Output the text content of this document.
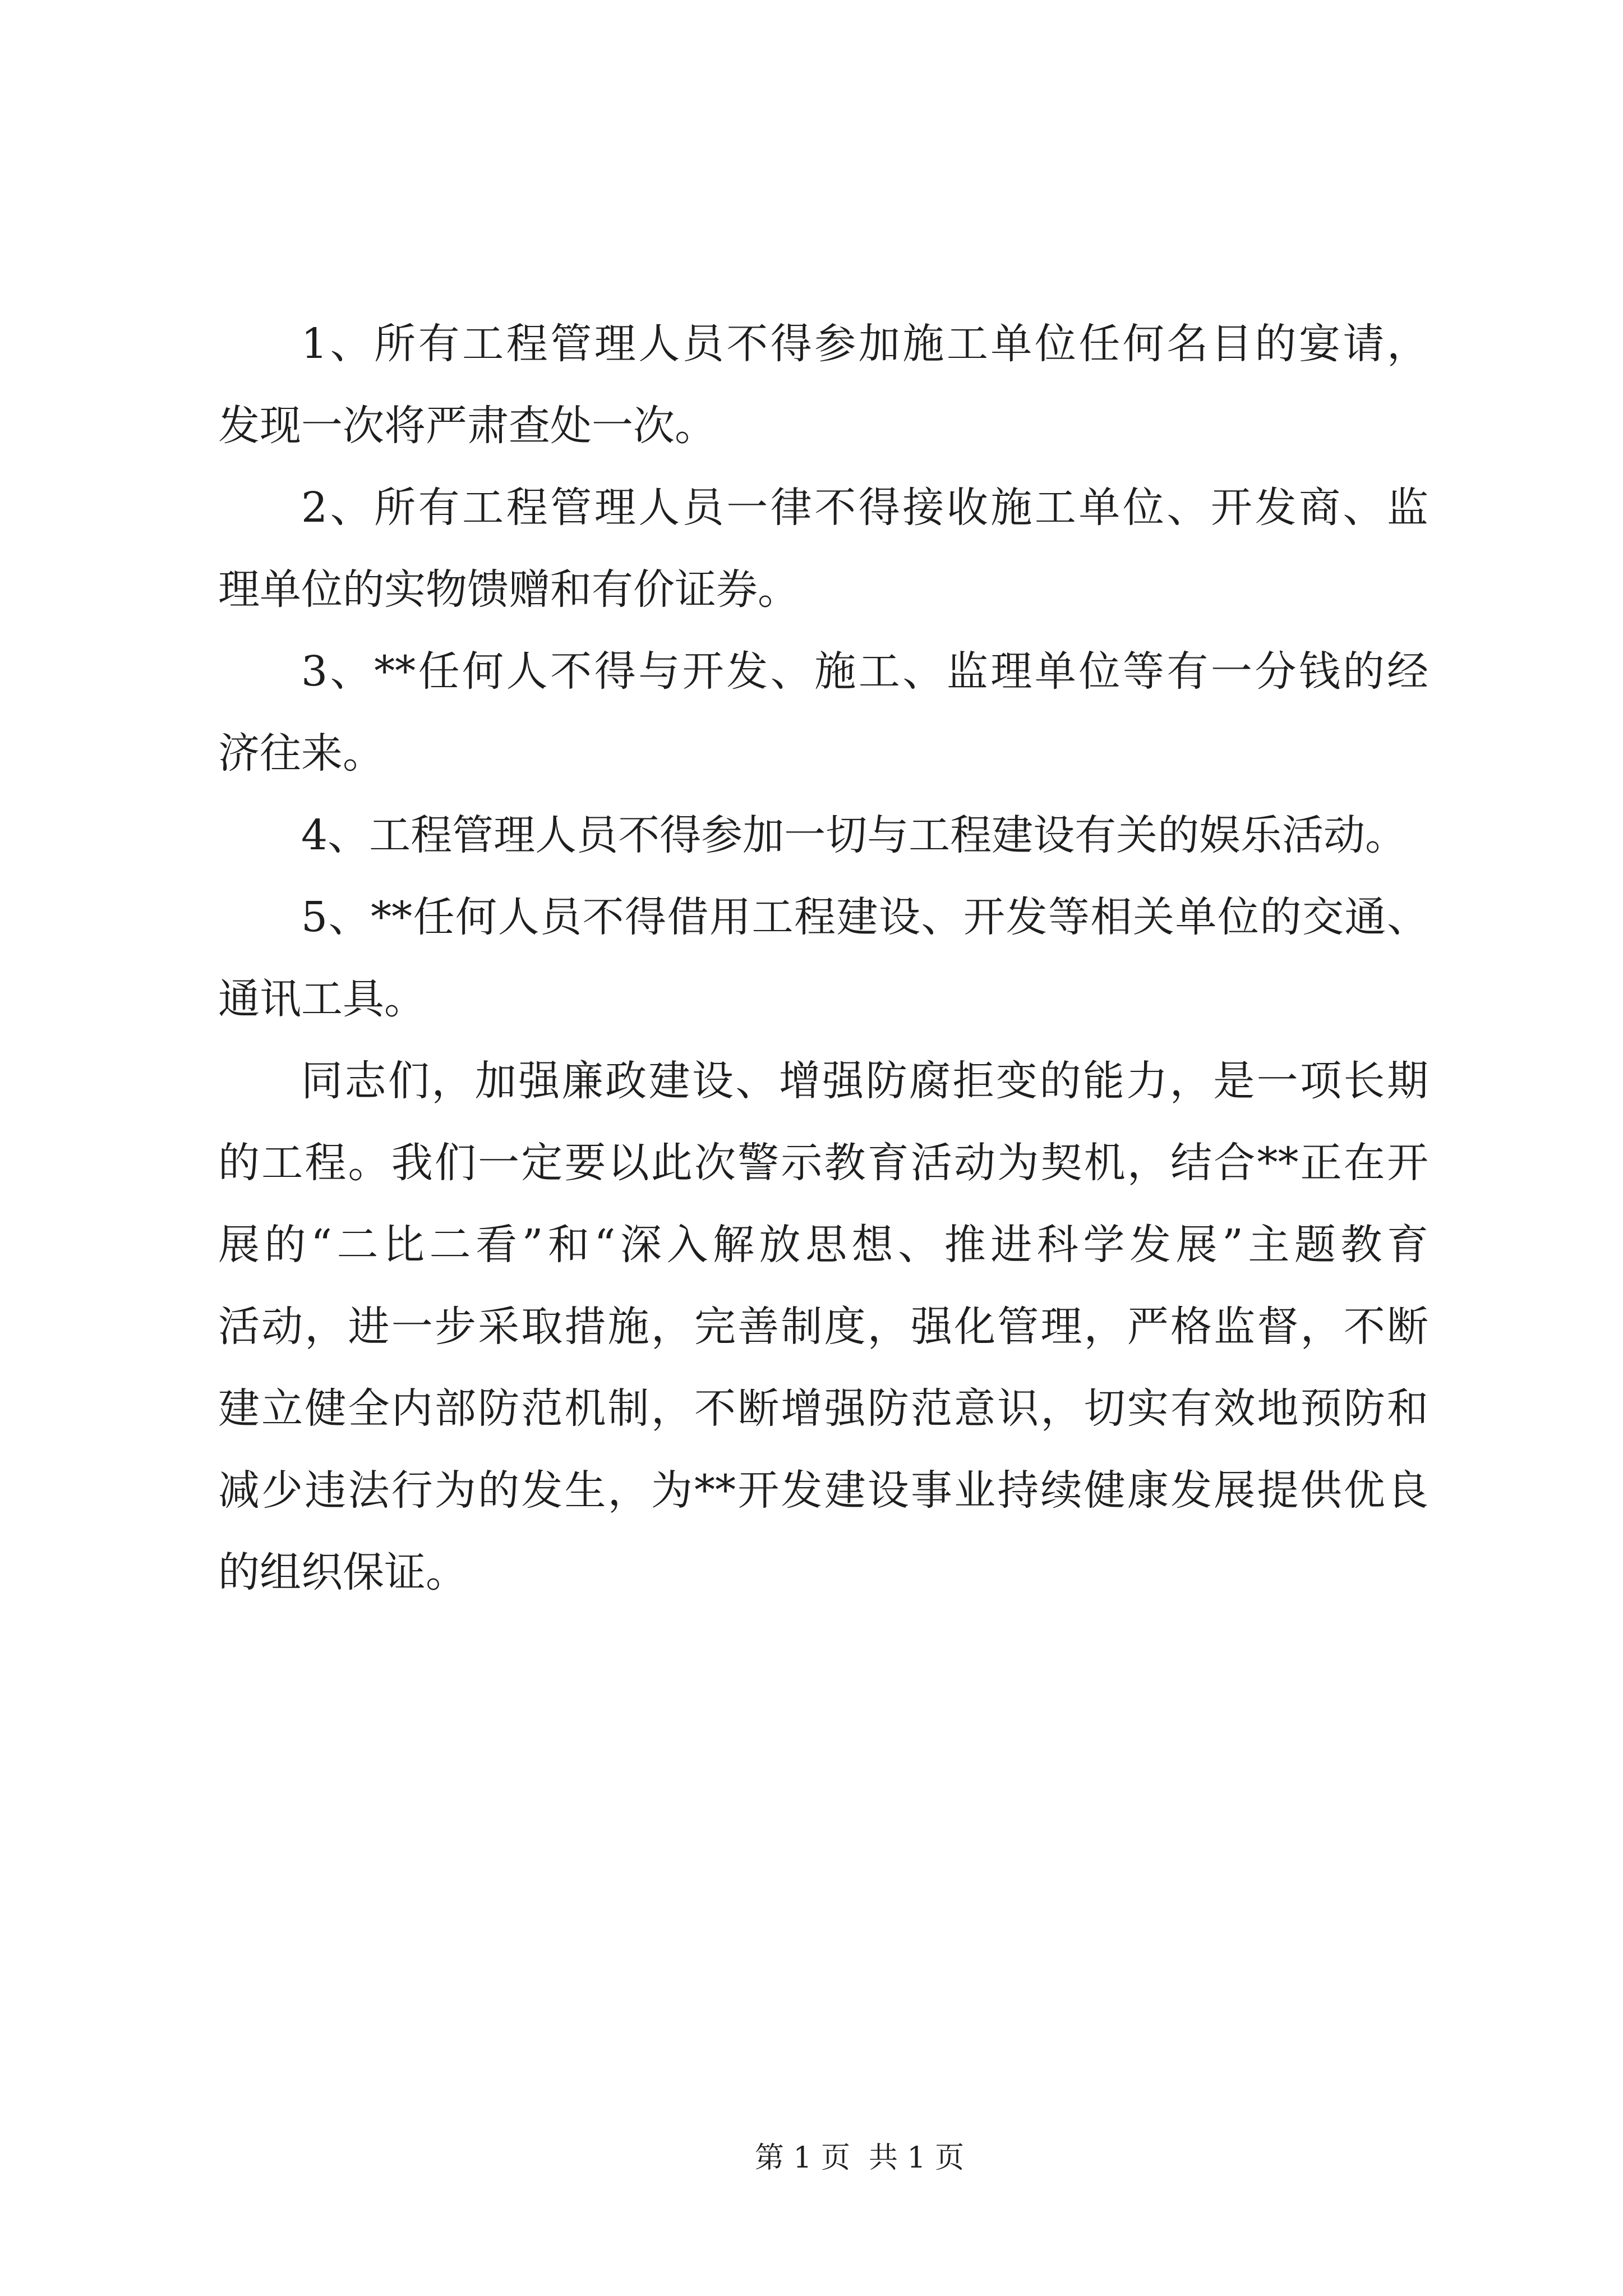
1、所有工程管理人员不得参加施工单位任何名目的宴请，
发现一次将严肃查处一次。
2、所有工程管理人员一律不得接收施工单位、开发商、监
理单位的实物馈赠和有价证券。
3、**任何人不得与开发、施工、监理单位等有一分钱的经
济往来。
4、工程管理人员不得参加一切与工程建设有关的娱乐活动。
5、**任何人员不得借用工程建设、开发等相关单位的交通、
通讯工具。
同志们，加强廉政建设、增强防腐拒变的能力，是一项长期
的工程。我们一定要以此次警示教育活动为契机，结合**正在开
展的“二比二看”和“深入解放思想、推进科学发展”主题教育
活动，进一步采取措施，完善制度，强化管理，严格监督，不断
建立健全内部防范机制，不断增强防范意识，切实有效地预防和
减少违法行为的发生，为**开发建设事业持续健康发展提供优良
的组织保证。
第 1 页  共 1 页
